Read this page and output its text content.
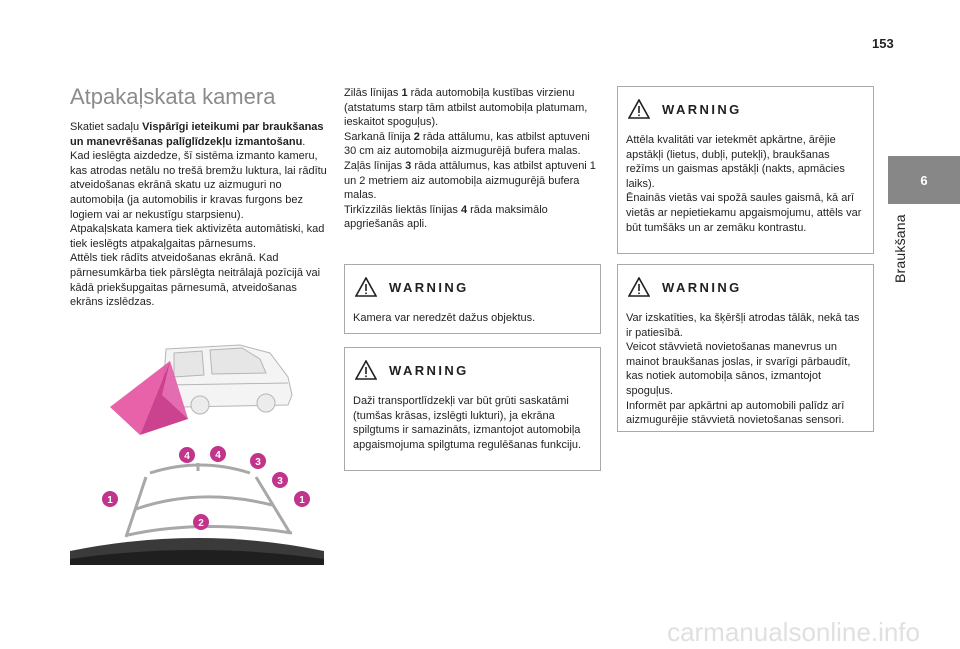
153
6
Braukšana
Atpakaļskata kamera

Skatiet sadaļu Vispārīgi ieteikumi par braukšanas un manevrēšanas palīglīdzekļu izmantošanu.

Kad ieslēgta aizdedze, šī sistēma izmanto kameru, kas atrodas netālu no trešā bremžu luktura, lai rādītu atveidošanas ekrānā skatu uz aizmuguri no automobiļa (ja automobilis ir kravas furgons bez logiem vai ar nekustīgu starpsienu).

Atpakaļskata kamera tiek aktivizēta automātiski, kad tiek ieslēgts atpakaļgaitas pārnesums.

Attēls tiek rādīts atveidošanas ekrānā. Kad pārnesumkārba tiek pārslēgta neitrālajā pozīcijā vai kādā priekšupgaitas pārnesumā, atveidošanas ekrāns izslēdzas.

4	4
3
3
1	1
2

Zilās līnijas 1 rāda automobiļa kustības virzienu (atstatums starp tām atbilst automobiļa platumam, ieskaitot spoguļus).

Sarkanā līnija 2 rāda attālumu, kas atbilst aptuveni 30 cm aiz automobiļa aizmugurējā bufera malas.

Zaļās līnijas 3 rāda attālumus, kas atbilst aptuveni 1 un 2 metriem aiz automobiļa aizmugurējā bufera malas.

Tirkīzzilās liektās līnijas 4 rāda maksimālo apgriešanās apli.

WARNING

Kamera var neredzēt dažus objektus.

WARNING

Daži transportlīdzekļi var būt grūti saskatāmi (tumšas krāsas, izslēgti lukturi), ja ekrāna spilgtums ir samazināts, izmantojot automobiļa apgaismojuma spilgtuma regulēšanas funkciju.

WARNING

Attēla kvalitāti var ietekmēt apkārtne, ārējie apstākļi (lietus, dubļi, putekļi), braukšanas režīms un gaismas apstākļi (nakts, apmācies laiks).

Ēnainās vietās vai spožā saules gaismā, kā arī vietās ar nepietiekamu apgaismojumu, attēls var būt tumšāks un ar zemāku kontrastu.

WARNING

Var izskatīties, ka šķēršļi atrodas tālāk, nekā tas ir patiesībā.

Veicot stāvvietā novietošanas manevrus un mainot braukšanas joslas, ir svarīgi pārbaudīt, kas notiek automobiļa sānos, izmantojot spoguļus.

Informēt par apkārtni ap automobili palīdz arī aizmugurējie stāvvietā novietošanas sensori.

carmanualsonline.info
